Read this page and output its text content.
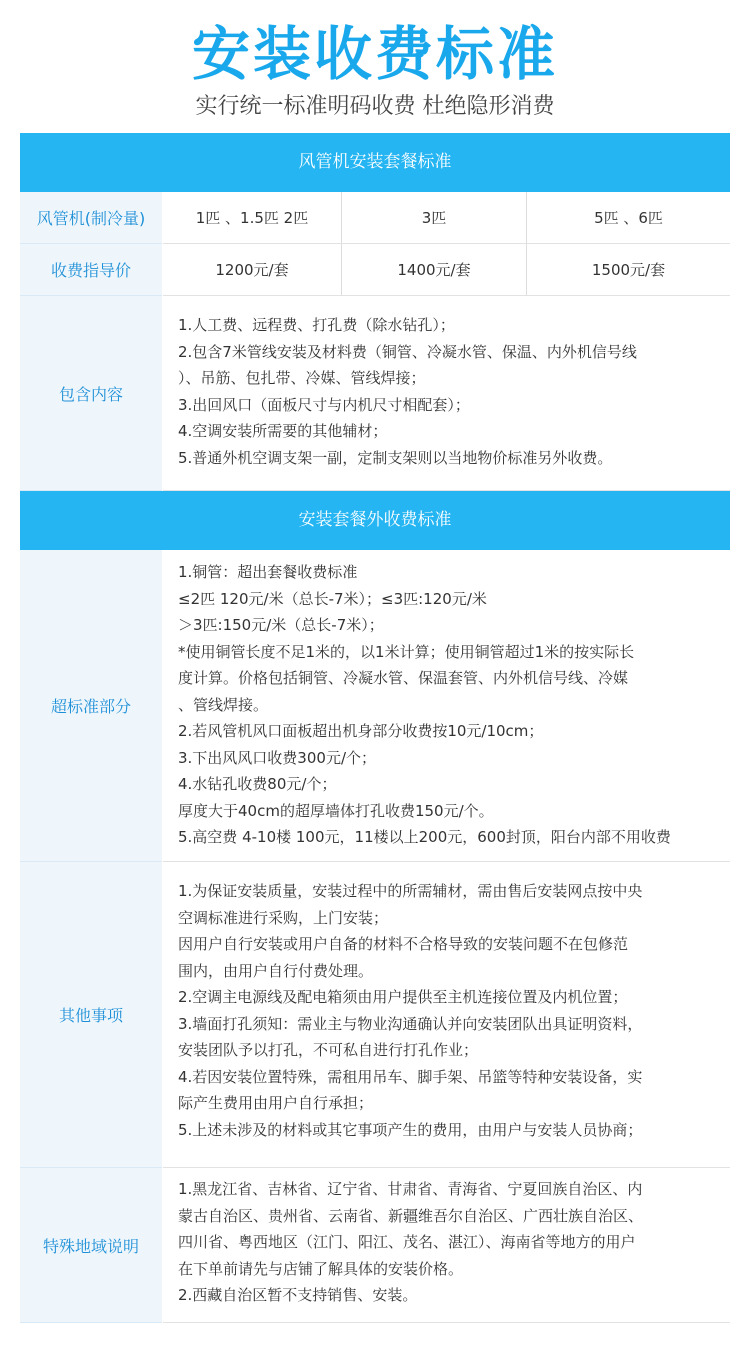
安装收费标准
实行统一标准明码收费 杜绝隐形消费
风管机安装套餐标准
风管机(制冷量)	1匹 、1.5匹 2匹	3匹	5匹 、6匹
收费指导价	1200元/套	1400元/套	1500元/套
包含内容
1.人工费、远程费、打孔费（除水钻孔）；
2.包含7米管线安装及材料费（铜管、冷凝水管、保温、内外机信号线
）、吊筋、包扎带、冷媒、管线焊接；
3.出回风口（面板尺寸与内机尺寸相配套）；
4.空调安装所需要的其他辅材；
5.普通外机空调支架一副，定制支架则以当地物价标准另外收费。
安装套餐外收费标准
超标准部分
1.铜管：超出套餐收费标准
≤2匹 120元/米（总长-7米）；≤3匹:120元/米
＞3匹:150元/米（总长-7米）；
*使用铜管长度不足1米的，以1米计算；使用铜管超过1米的按实际长
度计算。价格包括铜管、冷凝水管、保温套管、内外机信号线、冷媒
、管线焊接。
2.若风管机风口面板超出机身部分收费按10元/10cm；
3.下出风风口收费300元/个；
4.水钻孔收费80元/个；
厚度大于40cm的超厚墙体打孔收费150元/个。
5.高空费 4-10楼 100元，11楼以上200元，600封顶，阳台内部不用收费
其他事项
1.为保证安装质量，安装过程中的所需辅材，需由售后安装网点按中央
空调标准进行采购，上门安装；
因用户自行安装或用户自备的材料不合格导致的安装问题不在包修范
围内，由用户自行付费处理。
2.空调主电源线及配电箱须由用户提供至主机连接位置及内机位置；
3.墙面打孔须知：需业主与物业沟通确认并向安装团队出具证明资料，
安装团队予以打孔，不可私自进行打孔作业；
4.若因安装位置特殊，需租用吊车、脚手架、吊篮等特种安装设备，实
际产生费用由用户自行承担；
5.上述未涉及的材料或其它事项产生的费用，由用户与安装人员协商；
特殊地域说明
1.黑龙江省、吉林省、辽宁省、甘肃省、青海省、宁夏回族自治区、内
蒙古自治区、贵州省、云南省、新疆维吾尔自治区、广西壮族自治区、
四川省、粤西地区（江门、阳江、茂名、湛江）、海南省等地方的用户
在下单前请先与店铺了解具体的安装价格。
2.西藏自治区暂不支持销售、安装。
